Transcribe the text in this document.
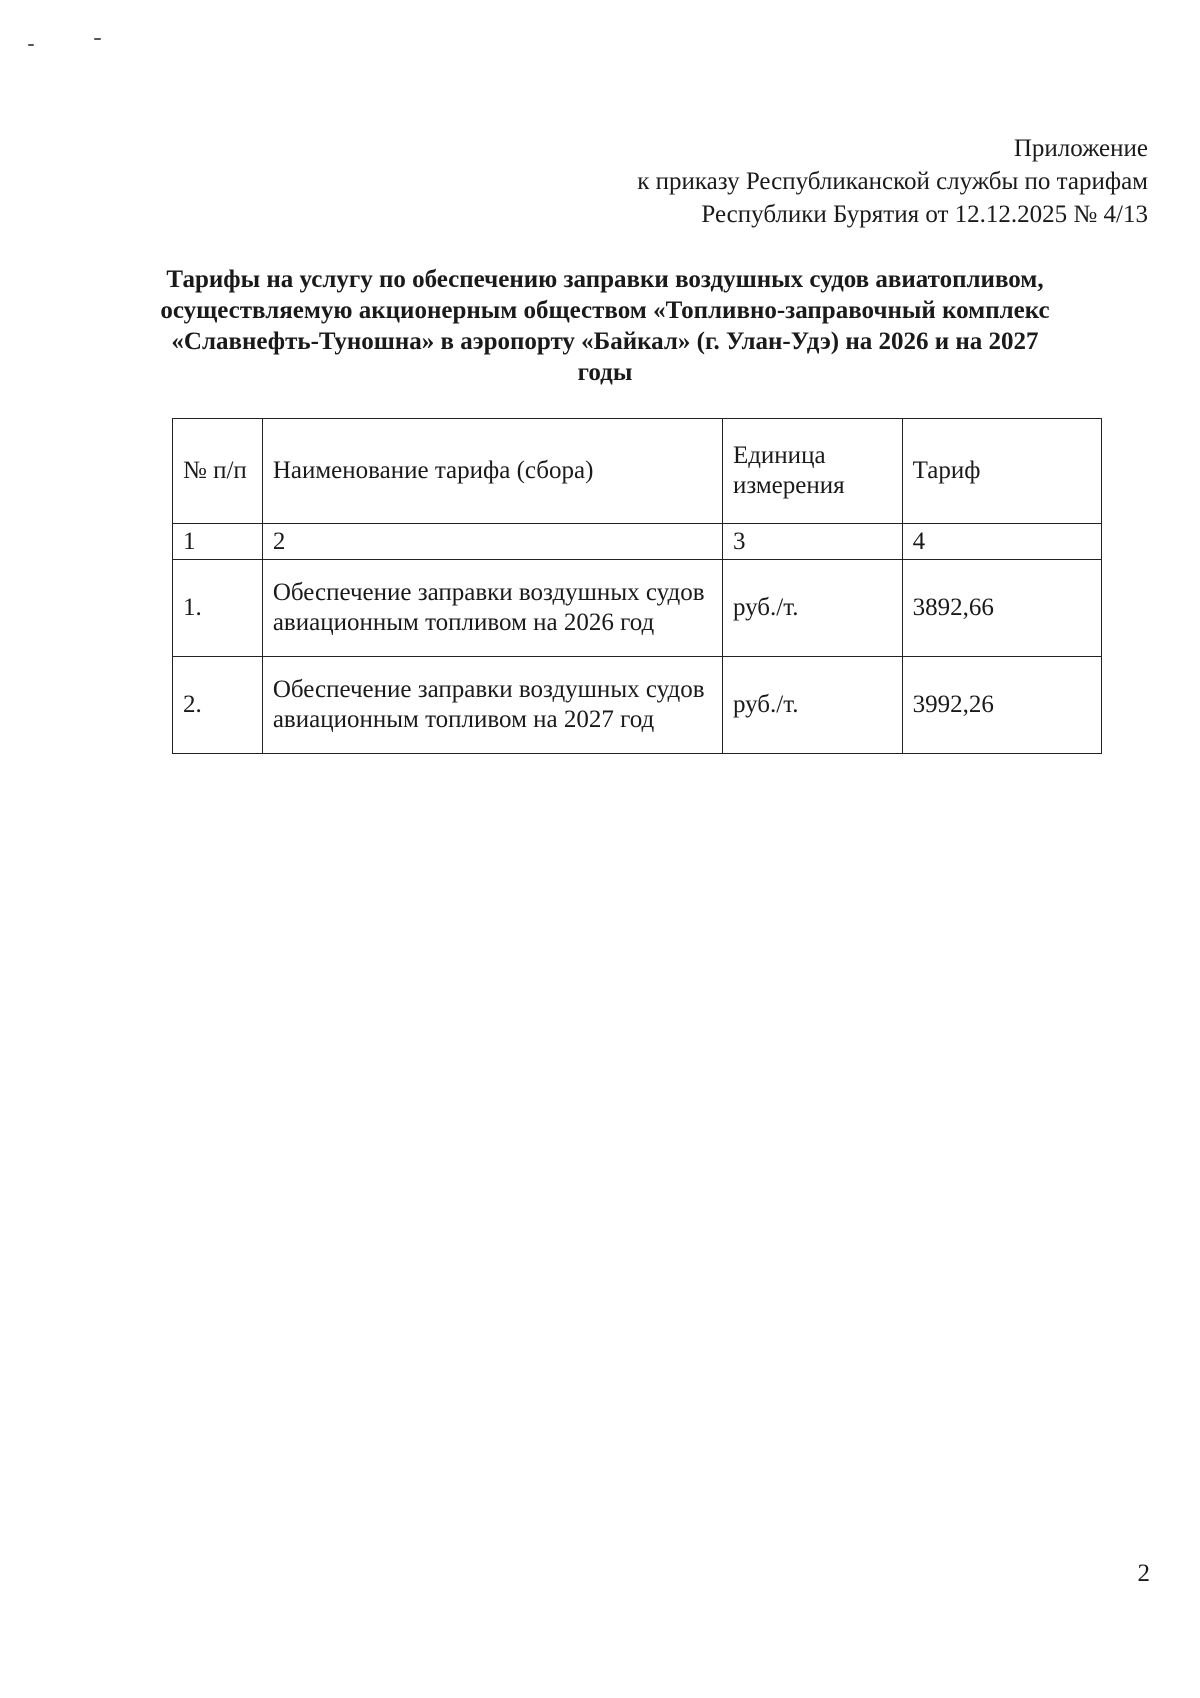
Приложение
к приказу Республиканской службы по тарифам
Республики Бурятия от 12.12.2025 № 4/13
Тарифы на услугу по обеспечению заправки воздушных судов авиатопливом, осуществляемую акционерным обществом «Топливно-заправочный комплекс «Славнефть-Туношна» в аэропорту «Байкал» (г. Улан-Удэ) на 2026 и на 2027 годы
№ п/п	Наименование тарифа (сбора)	Единица измерения	Тариф
1	2	3	4
1.	Обеспечение заправки воздушных судов авиационным топливом на 2026 год	руб./т.	3892,66
2.	Обеспечение заправки воздушных судов авиационным топливом на 2027 год	руб./т.	3992,26
2
